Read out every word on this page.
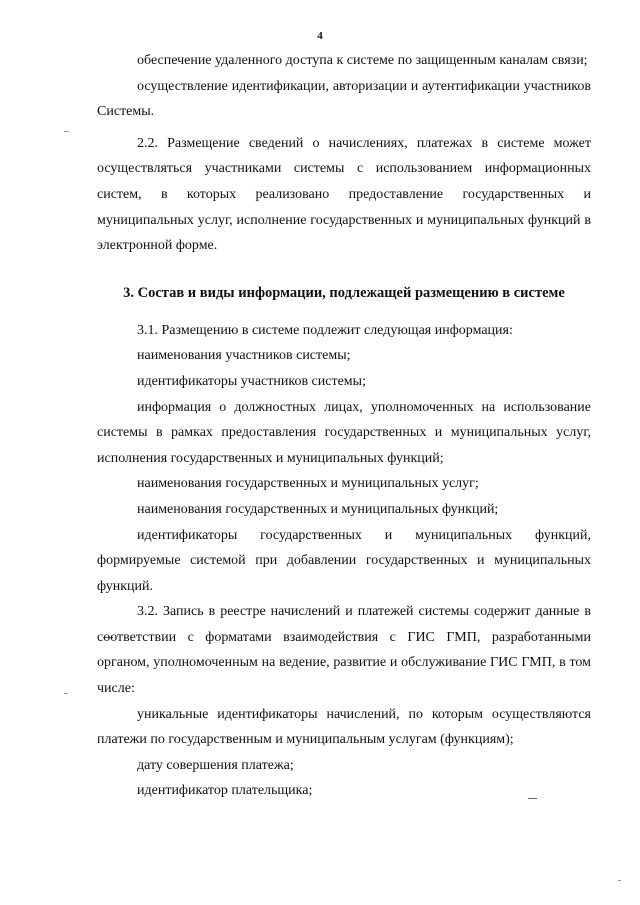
4

обеспечение удаленного доступа к системе по защищенным каналам связи;

осуществление идентификации, авторизации и аутентификации участников Системы.

2.2. Размещение сведений о начислениях, платежах в системе может осуществляться участниками системы с использованием информационных систем, в которых реализовано предоставление государственных и муниципальных услуг, исполнение государственных и муниципальных функций в электронной форме.

3. Состав и виды информации, подлежащей размещению в системе

3.1. Размещению в системе подлежит следующая информация:

наименования участников системы;

идентификаторы участников системы;

информация о должностных лицах, уполномоченных на использование системы в рамках предоставления государственных и муниципальных услуг, исполнения государственных и муниципальных функций;

наименования государственных и муниципальных услуг;

наименования государственных и муниципальных функций;

идентификаторы государственных и муниципальных функций, формируемые системой при добавлении государственных и муниципальных функций.

3.2. Запись в реестре начислений и платежей системы содержит данные в соответствии с форматами взаимодействия с ГИС ГМП, разработанными органом, уполномоченным на ведение, развитие и обслуживание ГИС ГМП, в том числе:

уникальные идентификаторы начислений, по которым осуществляются платежи по государственным и муниципальным услугам (функциям);

дату совершения платежа;

идентификатор плательщика;
